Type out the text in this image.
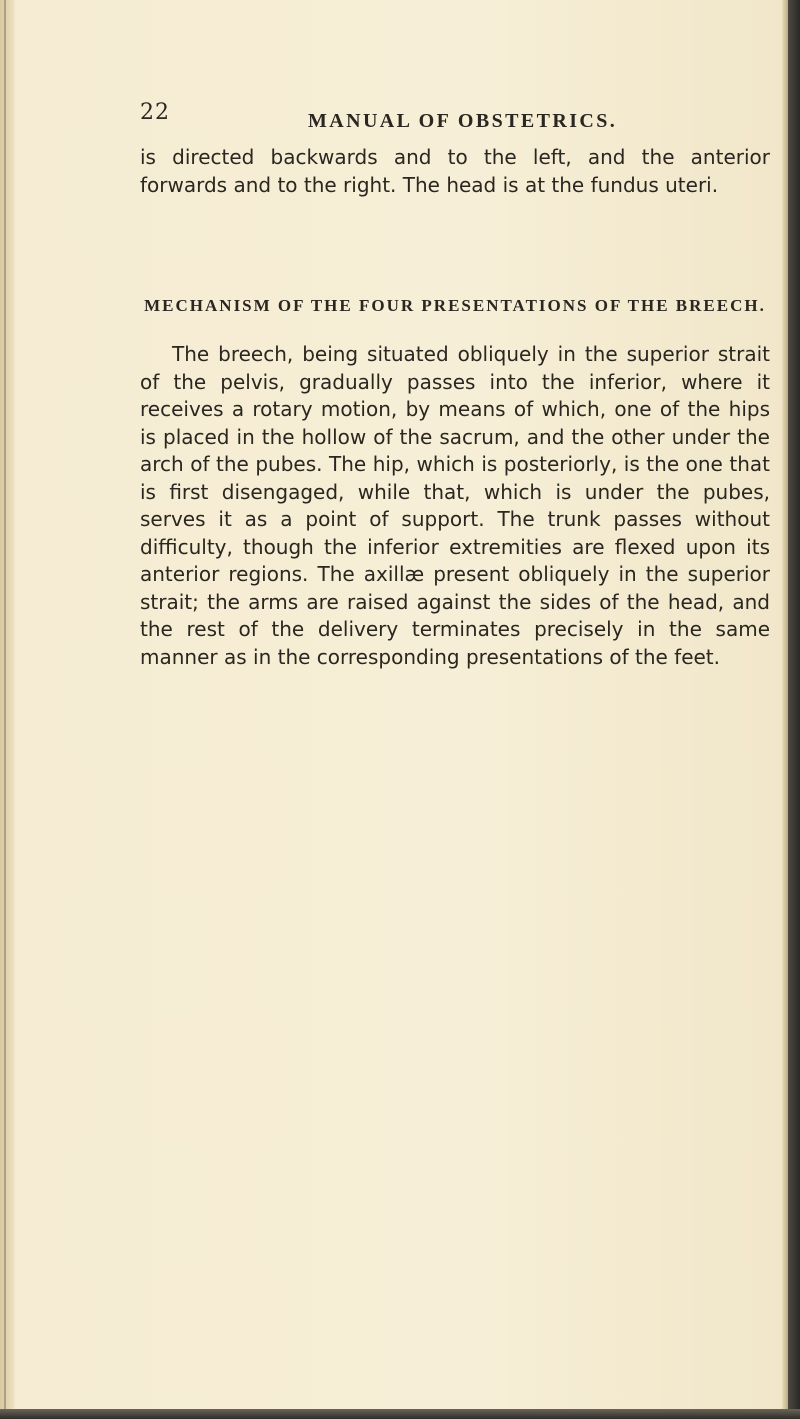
22	MANUAL OF OBSTETRICS.
is directed backwards and to the left, and the anterior forwards and to the right. The head is at the fundus uteri.
MECHANISM OF THE FOUR PRESENTATIONS OF THE BREECH.
The breech, being situated obliquely in the superior strait of the pelvis, gradually passes into the inferior, where it receives a rotary motion, by means of which, one of the hips is placed in the hollow of the sacrum, and the other under the arch of the pubes. The hip, which is posteriorly, is the one that is first disengaged, while that, which is under the pubes, serves it as a point of support. The trunk passes without difficulty, though the inferior extremities are flexed upon its anterior regions. The axillæ present obliquely in the superior strait; the arms are raised against the sides of the head, and the rest of the delivery terminates precisely in the same manner as in the corresponding presentations of the feet.
